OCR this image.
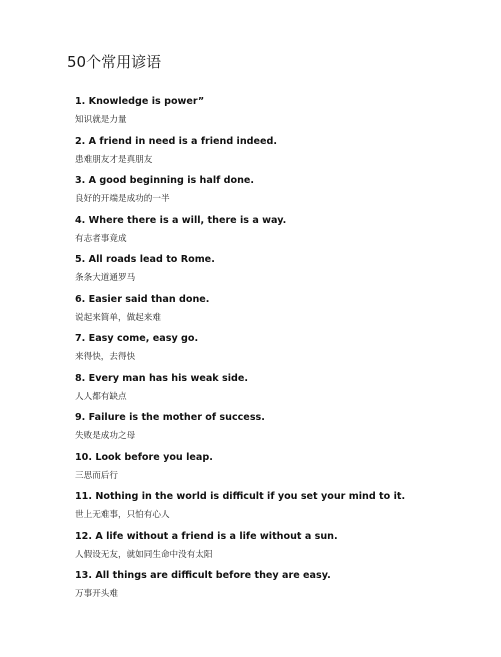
50个常用谚语
1. Knowledge is power”
知识就是力量
2. A friend in need is a friend indeed.
患难朋友才是真朋友
3. A good beginning is half done.
良好的开端是成功的一半
4. Where there is a will, there is a way.
有志者事竟成
5. All roads lead to Rome.
条条大道通罗马
6. Easier said than done.
说起来简单，做起来难
7. Easy come, easy go.
来得快，去得快
8. Every man has his weak side.
人人都有缺点
9. Failure is the mother of success.
失败是成功之母
10. Look before you leap.
三思而后行
11. Nothing in the world is difficult if you set your mind to it.
世上无难事，只怕有心人
12. A life without a friend is a life without a sun.
人假设无友，就如同生命中没有太阳
13. All things are difficult before they are easy.
万事开头难
